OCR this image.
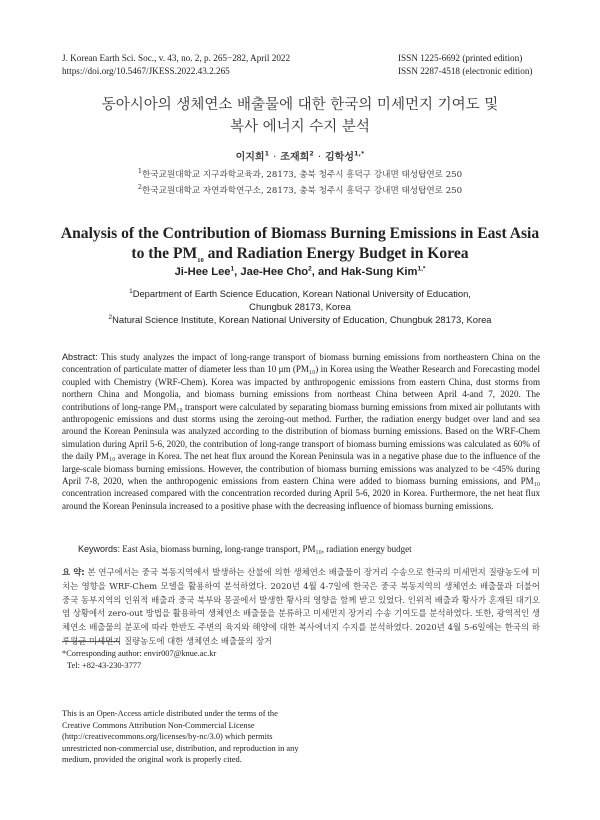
J. Korean Earth Sci. Soc., v. 43, no. 2, p. 265−282, April 2022
https://doi.org/10.5467/JKESS.2022.43.2.265
ISSN 1225-6692 (printed edition)
ISSN 2287-4518 (electronic edition)
동아시아의 생체연소 배출물에 대한 한국의 미세먼지 기여도 및
복사 에너지 수지 분석
이지희$^1$ · 조재희$^2$ · 김학성$^{1,*}$
$^1$한국교원대학교 지구과학교육과, 28173, 충북 청주시 흥덕구 강내면 태성탑연로 250
$^2$한국교원대학교 자연과학연구소, 28173, 충북 청주시 흥덕구 강내면 태성탑연로 250
Analysis of the Contribution of Biomass Burning Emissions in East Asia
to the $PM_{10}$ and Radiation Energy Budget in Korea
Ji-Hee Lee$^1$, Jae-Hee Cho$^2$, and Hak-Sung Kim$^{1,*}$
$^1$Department of Earth Science Education, Korean National University of Education,
Chungbuk 28173, Korea
$^2$Natural Science Institute, Korean National University of Education, Chungbuk 28173, Korea
Abstract: This study analyzes the impact of long-range transport of biomass burning emissions from northeastern China on the concentration of particulate matter of diameter less than 10 μm (PM₁₀) in Korea using the Weather Research and Forecasting model coupled with Chemistry (WRF-Chem). Korea was impacted by anthropogenic emissions from eastern China, dust storms from northern China and Mongolia, and biomass burning emissions from northeast China between April 4-and 7, 2020. The contributions of long-range PM₁₀ transport were calculated by separating biomass burning emissions from mixed air pollutants with anthropogenic emissions and dust storms using the zeroing-out method. Further, the radiation energy budget over land and sea around the Korean Peninsula was analyzed according to the distribution of biomass burning emissions. Based on the WRF-Chem simulation during April 5-6, 2020, the contribution of long-range transport of biomass burning emissions was calculated as 60% of the daily PM₁₀ average in Korea. The net heat flux around the Korean Peninsula was in a negative phase due to the influence of the large-scale biomass burning emissions. However, the contribution of biomass burning emissions was analyzed to be <45% during April 7-8, 2020, when the anthropogenic emissions from eastern China were added to biomass burning emissions, and PM₁₀ concentration increased compared with the concentration recorded during April 5-6, 2020 in Korea. Furthermore, the net heat flux around the Korean Peninsula increased to a positive phase with the decreasing influence of biomass burning emissions.
Keywords: East Asia, biomass burning, long-range transport, PM₁₀, radiation energy budget
요 약: 본 연구에서는 중국 북동지역에서 발생하는 산불에 의한 생체연소 배출물이 장거리 수송으로 한국의 미세먼지 질량농도에 미치는 영향을 WRF-Chem 모델을 활용하여 분석하였다. 2020년 4월 4-7일에 한국은 중국 북동지역의 생체연소 배출물과 더불어 중국 동부지역의 인위적 배출과 중국 북부와 몽골에서 발생한 황사의 영향을 함께 받고 있었다. 인위적 배출과 황사가 혼재된 대기오염 상황에서 zero-out 방법을 활용하여 생체연소 배출물을 분류하고 미세먼지 장거리 수송 기여도를 분석하였다. 또한, 광역적인 생체연소 배출물의 분포에 따라 한반도 주변의 육지와 해양에 대한 복사에너지 수지를 분석하였다. 2020년 4월 5-6일에는 한국의 하루평균 미세먼지 질량농도에 대한 생체연소 배출물의 장거
*Corresponding author: envir007@knue.ac.kr
Tel: +82-43-230-3777
This is an Open-Access article distributed under the terms of the Creative Commons Attribution Non-Commercial License (http://creativecommons.org/licenses/by-nc/3.0) which permits unrestricted non-commercial use, distribution, and reproduction in any medium, provided the original work is properly cited.
